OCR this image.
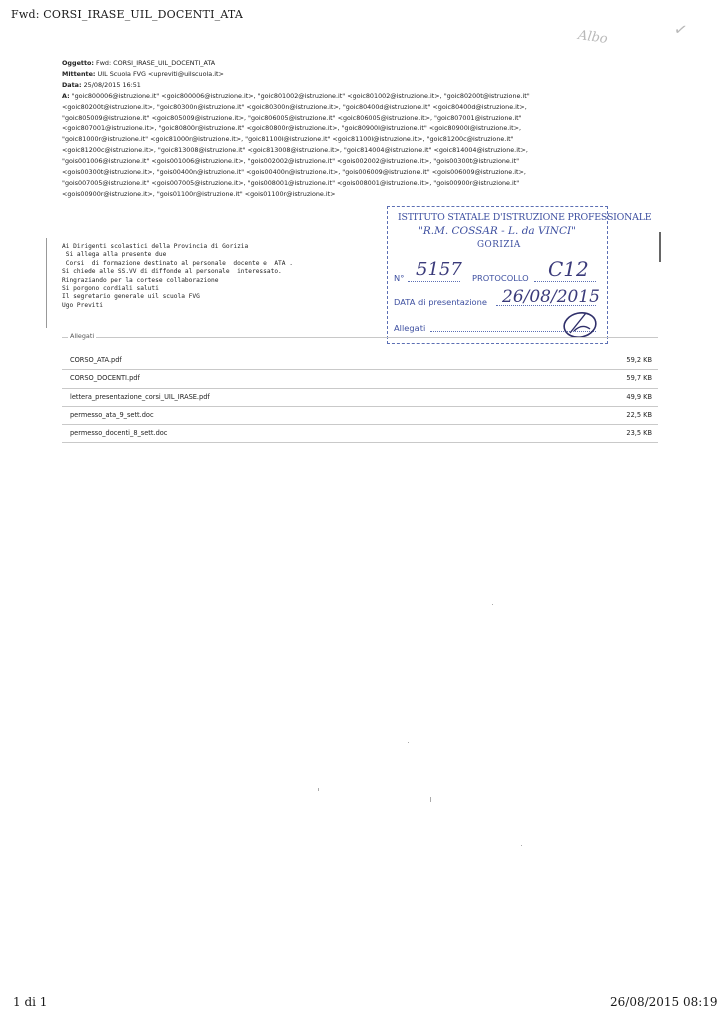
Fwd: CORSI_IRASE_UIL_DOCENTI_ATA
Albo	✓
Oggetto: Fwd: CORSI_IRASE_UIL_DOCENTI_ATA
Mittente: UIL Scuola FVG <upreviti@uilscuola.it>
Data: 25/08/2015 16:51
A: "goic800006@istruzione.it" <goic800006@istruzione.it>, "goic801002@istruzione.it" <goic801002@istruzione.it>, "goic80200t@istruzione.it"
<goic80200t@istruzione.it>, "goic80300n@istruzione.it" <goic80300n@istruzione.it>, "goic80400d@istruzione.it" <goic80400d@istruzione.it>,
"goic805009@istruzione.it" <goic805009@istruzione.it>, "goic806005@istruzione.it" <goic806005@istruzione.it>, "goic807001@istruzione.it"
<goic807001@istruzione.it>, "goic80800r@istruzione.it" <goic80800r@istruzione.it>, "goic80900l@istruzione.it" <goic80900l@istruzione.it>,
"goic81000r@istruzione.it" <goic81000r@istruzione.it>, "goic81100l@istruzione.it" <goic81100l@istruzione.it>, "goic81200c@istruzione.it"
<goic81200c@istruzione.it>, "goic813008@istruzione.it" <goic813008@istruzione.it>, "goic814004@istruzione.it" <goic814004@istruzione.it>,
"gois001006@istruzione.it" <gois001006@istruzione.it>, "gois002002@istruzione.it" <gois002002@istruzione.it>, "gois00300t@istruzione.it"
<gois00300t@istruzione.it>, "gois00400n@istruzione.it" <gois00400n@istruzione.it>, "gois006009@istruzione.it" <gois006009@istruzione.it>,
"gois007005@istruzione.it" <gois007005@istruzione.it>, "gois008001@istruzione.it" <gois008001@istruzione.it>, "gois00900r@istruzione.it"
<gois00900r@istruzione.it>, "gois01100r@istruzione.it" <gois01100r@istruzione.it>
Ai Dirigenti scolastici della Provincia di Gorizia
Si allega alla presente due
Corsi  di formazione destinato al personale  docente e  ATA .
Si chiede alle SS.VV di diffonde al personale  interessato.
Ringraziando per la cortese collaborazione
Si porgono cordiali saluti
Il segretario generale uil scuola FVG
Ugo Previti
ISTITUTO STATALE D'ISTRUZIONE PROFESSIONALE
"R.M. COSSAR - L. da VINCI"
GORIZIA
N° 5157 PROTOCOLLO C12
DATA di presentazione 26/08/2015
Allegati
Allegati
CORSO_ATA.pdf	59,2 KB
CORSO_DOCENTI.pdf	59,7 KB
lettera_presentazione_corsi_UIL_IRASE.pdf	49,9 KB
permesso_ata_9_sett.doc	22,5 KB
permesso_docenti_8_sett.doc	23,5 KB
1 di 1	26/08/2015 08:19
